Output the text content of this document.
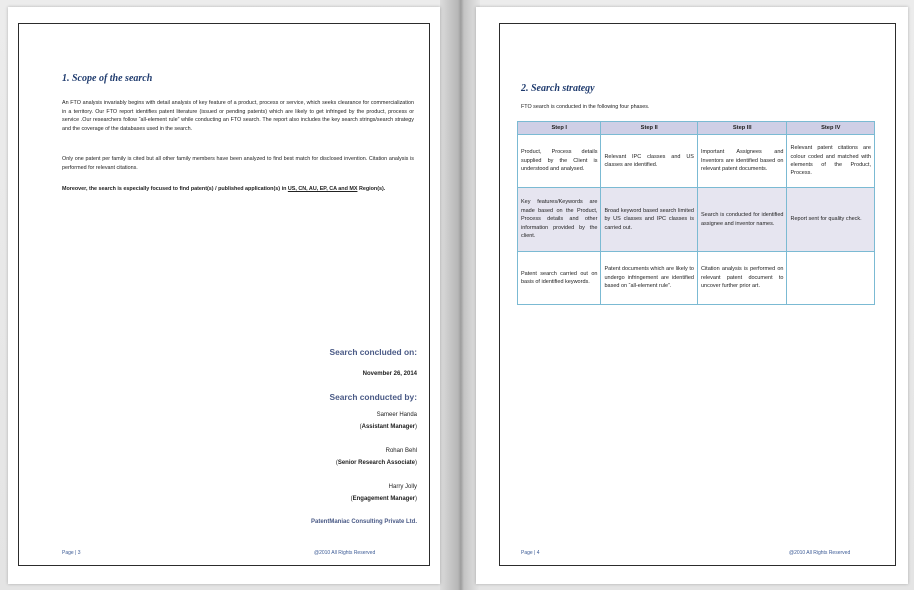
1. Scope of the search
An FTO analysis invariably begins with detail analysis of key feature of a product, process or service, which seeks clearance for commercialization in a territory. Our FTO report identifies patent literature (issued or pending patents) which are likely to get infringed by the product, process or service .Our researchers follow “all-element rule” while conducting an FTO search. The report also includes the key search strings/search strategy and the coverage of the databases used in the search.
Only one patent per family is cited but all other family members have been analyzed to find best match for disclosed invention. Citation analysis is performed for relevant citations.
Moreover, the search is especially focused to find patent(s) / published application(s) in US, CN, AU, EP, CA and MX Region(s).
Search concluded on:
November 26, 2014
Search conducted by:
Sameer Handa
(Assistant Manager)
Rohan Behl
(Senior Research Associate)
Harry Jolly
(Engagement Manager)
PatentManiac Consulting Private Ltd.
Page | 3	@2010 All Rights Reserved
2. Search strategy
FTO search is conducted in the following four phases.
Step I	Step II	Step III	Step IV
Product, Process details supplied by the Client is understood and analysed.	Relevant IPC classes and US classes are identified.	Important Assignees and Inventors are identified based on relevant patent documents.	Relevant patent citations are colour coded and matched with elements of the Product, Process.
Key features/Keywords are made based on the Product, Process details and other information provided by the client.	Broad keyword based search limited by US classes and IPC classes is carried out.	Search is conducted for identified assignee and inventor names.	Report sent for quality check.
Patent search carried out on basis of identified keywords.	Patent documents which are likely to undergo infringement are identified based on “all-element rule”.	Citation analysis is performed on relevant patent document to uncover further prior art.	
Page | 4	@2010 All Rights Reserved
